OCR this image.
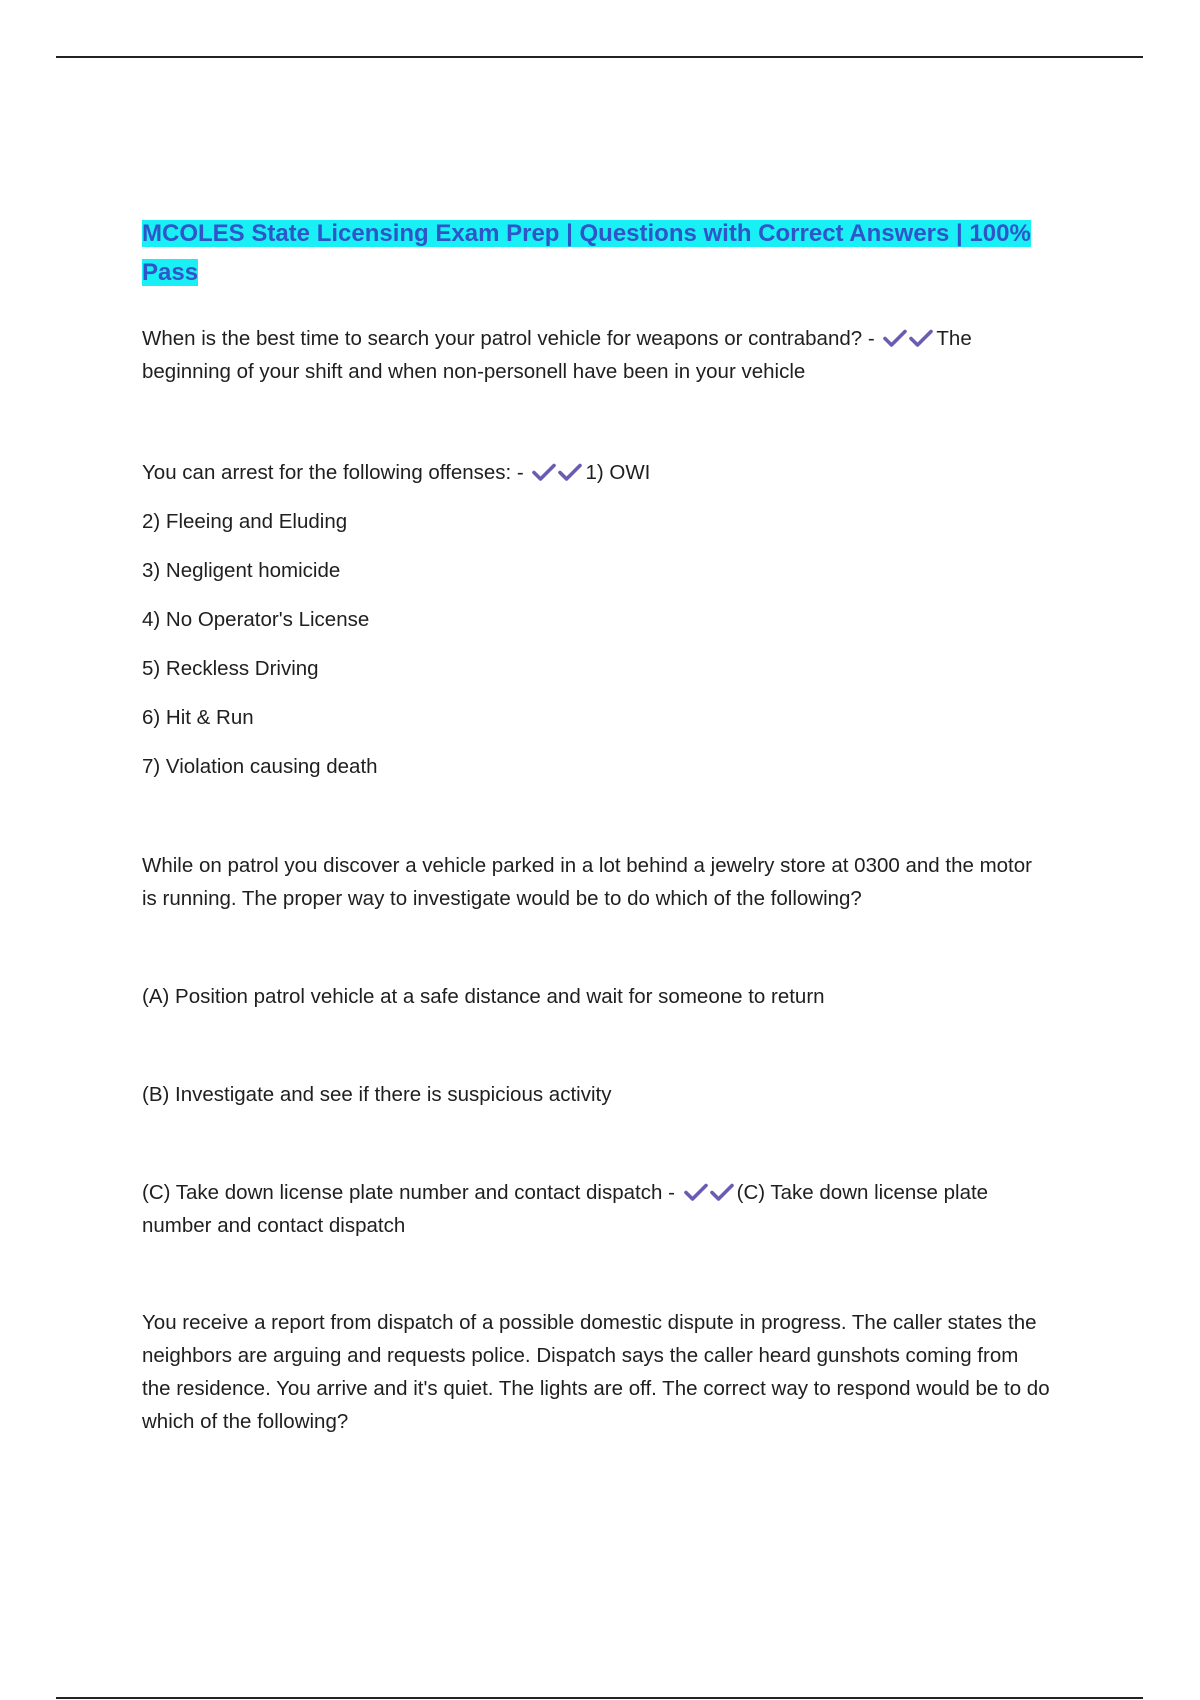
MCOLES State Licensing Exam Prep | Questions with Correct Answers | 100% Pass

When is the best time to search your patrol vehicle for weapons or contraband? -	The beginning of your shift and when non-personell have been in your vehicle

You can arrest for the following offenses: -	1) OWI

2) Fleeing and Eluding

3) Negligent homicide

4) No Operator's License

5) Reckless Driving

6) Hit & Run

7) Violation causing death

While on patrol you discover a vehicle parked in a lot behind a jewelry store at 0300 and the motor is running. The proper way to investigate would be to do which of the following?

(A) Position patrol vehicle at a safe distance and wait for someone to return

(B) Investigate and see if there is suspicious activity

(C) Take down license plate number and contact dispatch -	(C) Take down license plate number and contact dispatch

You receive a report from dispatch of a possible domestic dispute in progress. The caller states the neighbors are arguing and requests police. Dispatch says the caller heard gunshots coming from the residence. You arrive and it's quiet. The lights are off. The correct way to respond would be to do which of the following?
